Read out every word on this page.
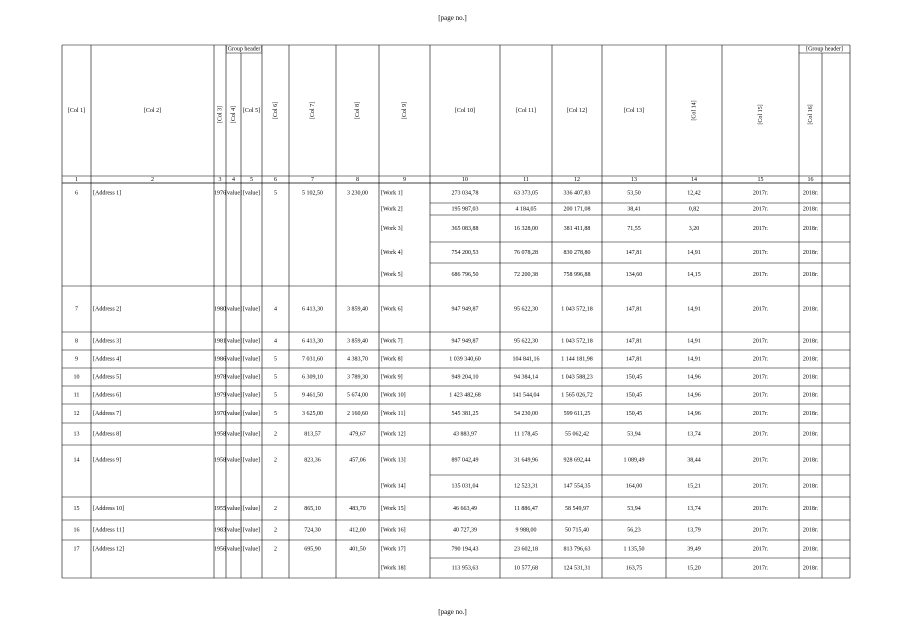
[page no.]
[Group header]	[Group header]
[Col 1]	[Col 2]	[Col 3] [Col 4] [Col 5] [Col 6]	[Col 7]	[Col 8]	[Col 9]	[Col 10]	[Col 11]	[Col 12]	[Col 13]	[Col 14]	[Col 15]	[Col 16]
1	2	3 4	5	6	7	8	9	10	11	12	13	14	15	16
6	[Address 1]	1976 [value] [value] 5	5 102,50	3 230,00 [Work 1]	273 034,78	63 373,05	336 407,83	53,50	12,42	2017г.	2018г.
[Work 2]	195 987,03	4 184,05	200 171,08	38,41	0,82	2017г.	2018г.
[Work 3]	365 083,88	16 328,00	381 411,88	71,55	3,20	2017г.	2018г.
[Work 4]	754 200,53	76 078,28	830 278,80	147,81	14,91	2017г.	2018г.
[Work 5]	686 796,50	72 200,38	758 996,88	134,60	14,15	2017г.	2018г.
7	[Address 2]	1980 [value] [value] 4	6 413,30	3 859,40 [Work 6]	947 949,87	95 622,30	1 043 572,18	147,81	14,91	2017г.	2018г.
8	[Address 3]	1981 [value] [value] 4	6 413,30	3 859,40 [Work 7]	947 949,87	95 622,30	1 043 572,18	147,81	14,91	2017г.	2018г.
9	[Address 4]	1986 [value] [value] 5	7 031,60	4 383,70 [Work 8]	1 039 340,60	104 841,16	1 144 181,98	147,81	14,91	2017г.	2018г.
10 [Address 5]	1978 [value] [value] 5	6 309,10	3 789,30 [Work 9]	949 204,10	94 384,14	1 043 588,23	150,45	14,96	2017г.	2018г.
11 [Address 6]	1979 [value] [value] 5	9 461,50	5 674,00 [Work 10]	1 423 482,68	141 544,04	1 565 026,72	150,45	14,96	2017г.	2018г.
12 [Address 7]	1970 [value] [value] 5	3 625,00	2 160,60 [Work 11]	545 381,25	54 230,00	599 611,25	150,45	14,96	2017г.	2018г.
13 [Address 8]	1958 [value] [value] 2	813,57	479,67	[Work 12]	43 883,97	11 178,45	55 062,42	53,94	13,74	2017г.	2018г.
14 [Address 9]	1958 [value] [value] 2	823,36	457,06	[Work 13]	897 042,49	31 649,96	928 692,44	1 089,49	38,44	2017г.	2018г.
[Work 14]	135 031,04	12 523,31	147 554,35	164,00	15,21	2017г.	2018г.
15 [Address 10]	1955 [value] [value] 2	865,10	483,70	[Work 15]	46 663,49	11 886,47	58 549,97	53,94	13,74	2017г.	2018г.
16 [Address 11]	1983 [value] [value] 2	724,30	412,00	[Work 16]	40 727,39	9 988,00	50 715,40	56,23	13,79	2017г.	2018г.
17 [Address 12]	1956 [value] [value] 2	695,90	401,50	[Work 17]	790 194,43	23 602,18	813 796,63	1 135,50	39,49	2017г.	2018г.
[Work 18]	113 953,63	10 577,68	124 531,31	163,75	15,20	2017г.	2018г.
[page no.]
